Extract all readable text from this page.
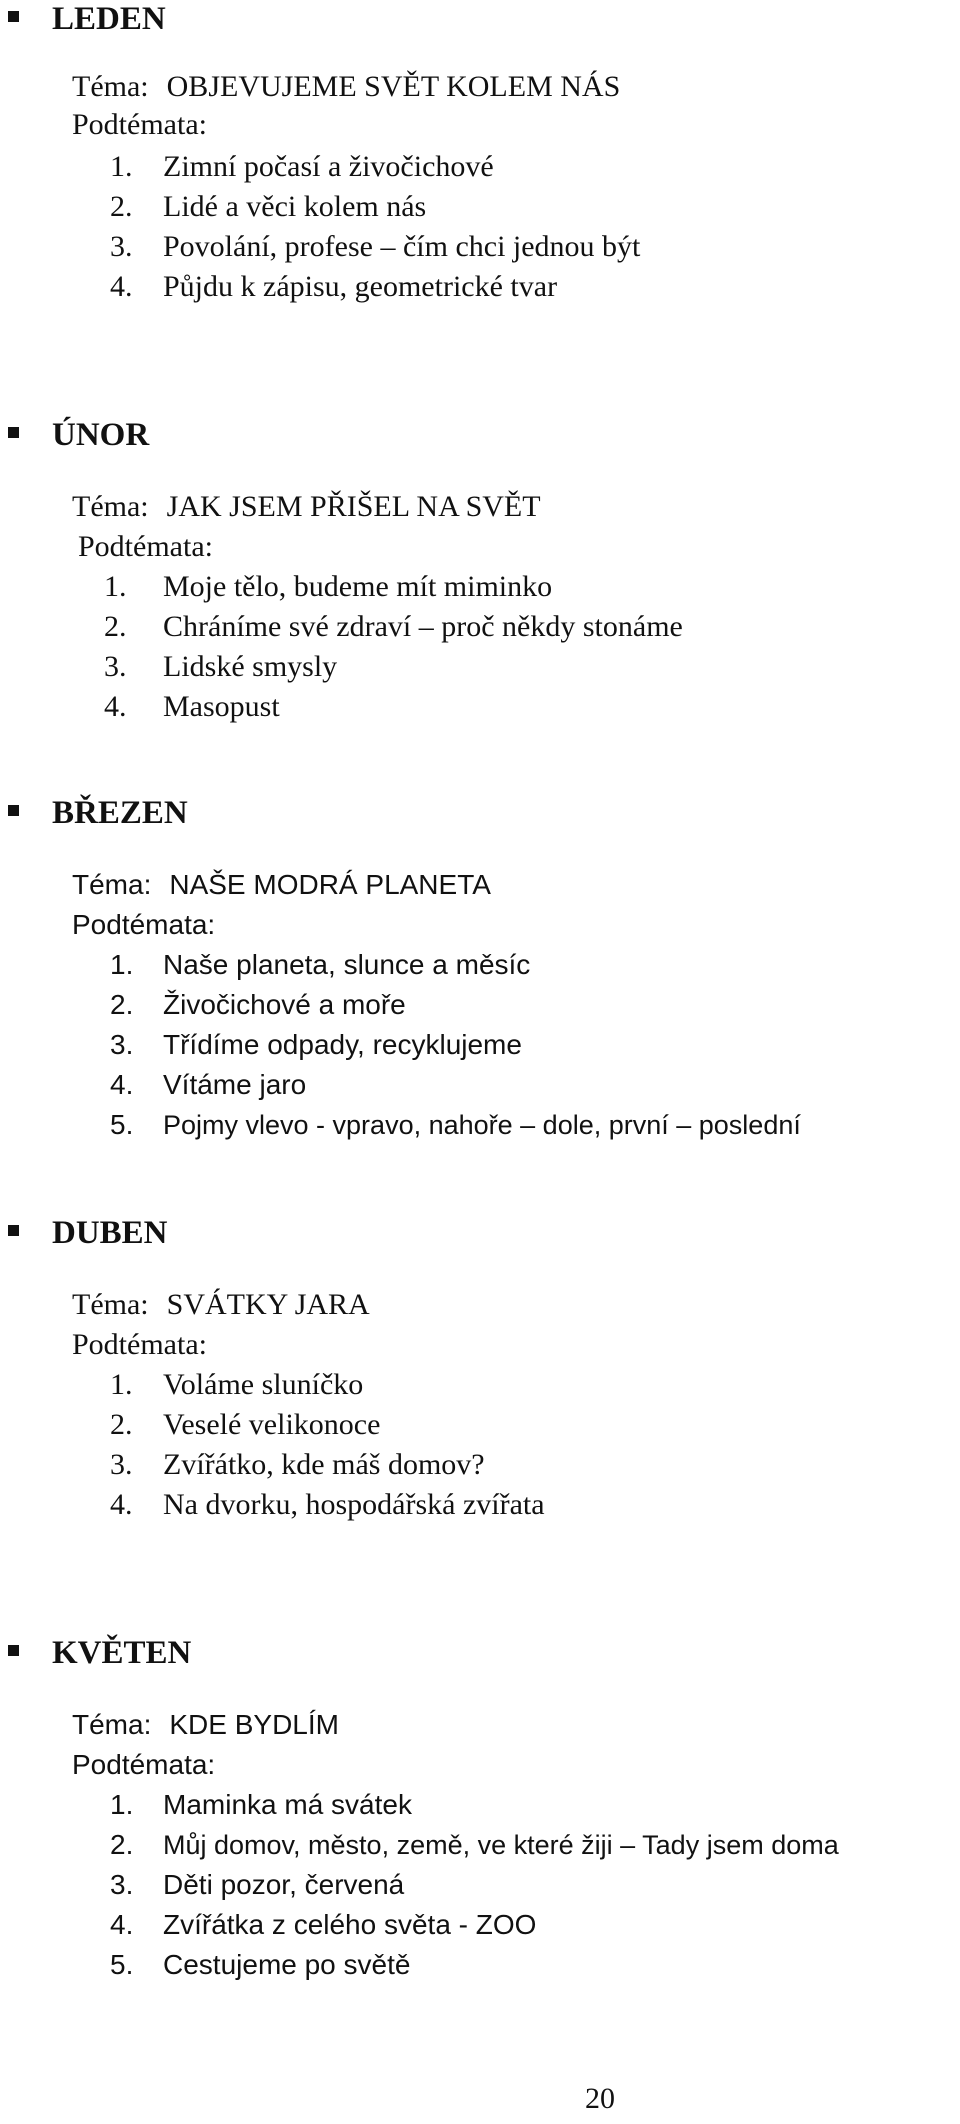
LEDEN
Téma: OBJEVUJEME SVĚT KOLEM NÁS
Podtémata:
1. Zimní počasí a živočichové
2. Lidé a věci kolem nás
3. Povolání, profese – čím chci jednou být
4. Půjdu k zápisu, geometrické tvar
ÚNOR
Téma: JAK JSEM PŘIŠEL NA SVĚT
Podtémata:
1. Moje tělo, budeme mít miminko
2. Chráníme své zdraví – proč někdy stonáme
3. Lidské smysly
4. Masopust
BŘEZEN
Téma: NAŠE MODRÁ PLANETA
Podtémata:
1. Naše planeta, slunce a měsíc
2. Živočichové a moře
3. Třídíme odpady, recyklujeme
4. Vítáme jaro
5. Pojmy vlevo - vpravo, nahoře – dole, první – poslední
DUBEN
Téma: SVÁTKY JARA
Podtémata:
1. Voláme sluníčko
2. Veselé velikonoce
3. Zvířátko, kde máš domov?
4. Na dvorku, hospodářská zvířata
KVĚTEN
Téma: KDE BYDLÍM
Podtémata:
1. Maminka má svátek
2. Můj domov, město, země, ve které žiji – Tady jsem doma
3. Děti pozor, červená
4. Zvířátka z celého světa - ZOO
5. Cestujeme po světě
20
